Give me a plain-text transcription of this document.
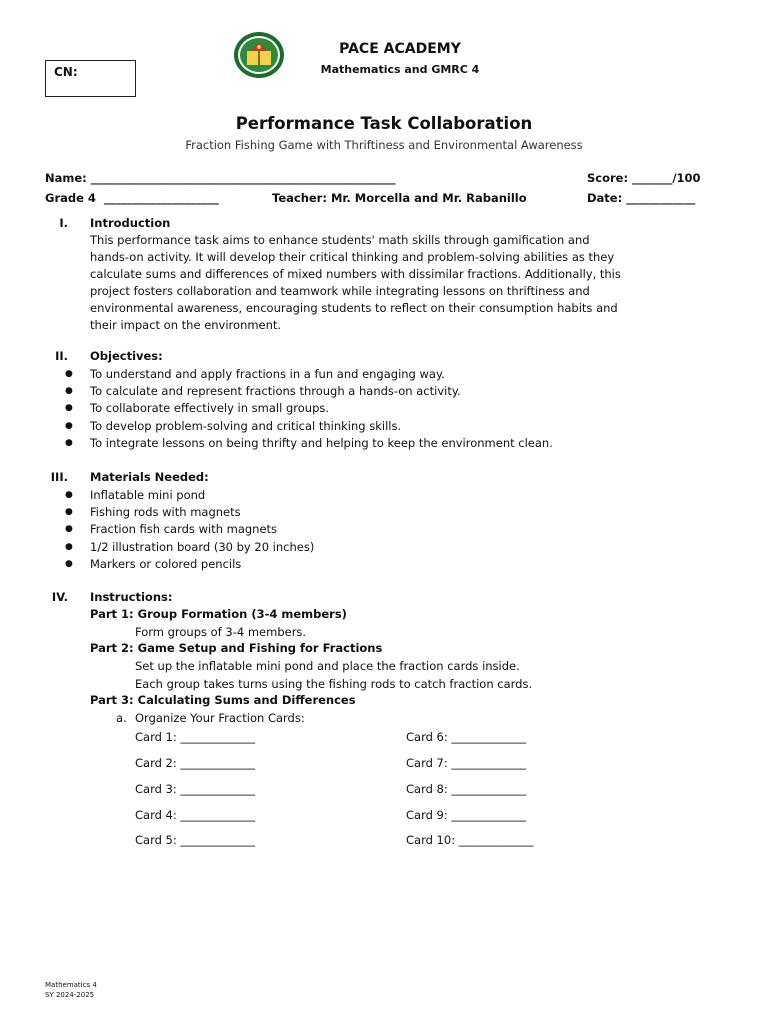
CN:
PACE ACADEMY
Mathematics and GMRC 4
Performance Task Collaboration
Fraction Fishing Game with Thriftiness and Environmental Awareness
Name: _____________________________________________________	Score: _______/100
Grade 4  ____________________	Teacher: Mr. Morcella and Mr. Rabanillo	Date: ____________
I. Introduction
This performance task aims to enhance students' math skills through gamification and
hands-on activity. It will develop their critical thinking and problem-solving abilities as they
calculate sums and differences of mixed numbers with dissimilar fractions. Additionally, this
project fosters collaboration and teamwork while integrating lessons on thriftiness and
environmental awareness, encouraging students to reflect on their consumption habits and
their impact on the environment.
II. Objectives:
● To understand and apply fractions in a fun and engaging way.
● To calculate and represent fractions through a hands-on activity.
● To collaborate effectively in small groups.
● To develop problem-solving and critical thinking skills.
● To integrate lessons on being thrifty and helping to keep the environment clean.
III. Materials Needed:
● Inflatable mini pond
● Fishing rods with magnets
● Fraction fish cards with magnets
● 1/2 illustration board (30 by 20 inches)
● Markers or colored pencils
IV. Instructions:
Part 1: Group Formation (3-4 members)
Form groups of 3-4 members.
Part 2: Game Setup and Fishing for Fractions
Set up the inflatable mini pond and place the fraction cards inside.
Each group takes turns using the fishing rods to catch fraction cards.
Part 3: Calculating Sums and Differences
a. Organize Your Fraction Cards:
Card 1: _____________
Card 2: _____________
Card 3: _____________
Card 4: _____________
Card 5: _____________
Card 6: _____________
Card 7: _____________
Card 8: _____________
Card 9: _____________
Card 10: _____________
Mathematics 4
SY 2024-2025
